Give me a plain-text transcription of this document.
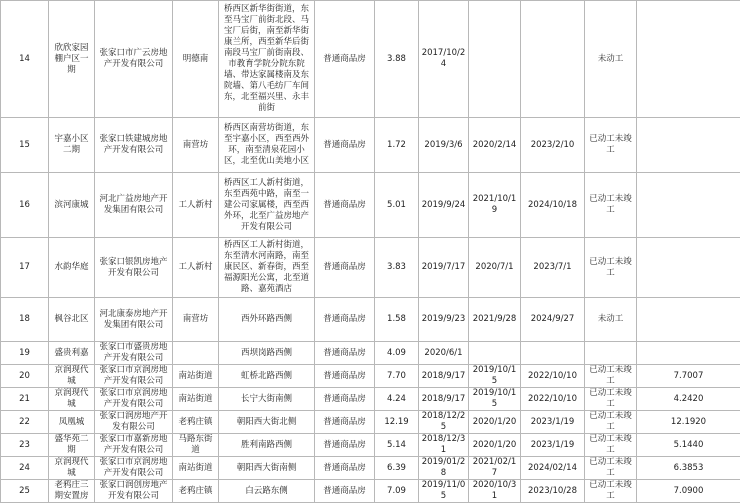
14	欣欣家园棚户区一期	张家口市广云房地产开发有限公司	明德南	桥西区新华街街道，东至马宝厂前街北段、马宝厂后街，南至新华街康兰所，西至新华后街南段马宝厂前街南段、市教育学院分院东院墙、带达家属楼南及东院墙、第八毛纺厂车间东，北至福兴里、永丰前街	普通商品房	3.88	2017/10/24			未动工	
15	宇嘉小区二期	张家口铁建城房地产开发有限公司	南营坊	桥西区南营坊街道，东至宇嘉小区，西至西外环，南至清泉花园小区，北至优山美地小区	普通商品房	1.72	2019/3/6	2020/2/14	2023/2/10	已动工未竣工	
16	滨河康城	河北广益房地产开发集团有限公司	工人新村	桥西区工人新村街道，东至西苑中路，南至一建公司家属楼，西至西外环，北至广益房地产开发有限公司	普通商品房	5.01	2019/9/24	2021/10/19	2024/10/18	已动工未竣工	
17	水韵华庭	张家口银凯房地产开发有限公司	工人新村	桥西区工人新村街道，东至清水河南路，南至康民区、新春街，西至福源阳光公寓，北至道路、嘉苑酒店	普通商品房	3.83	2019/7/17	2020/7/1	2023/7/1	已动工未竣工	
18	枫谷北区	河北康泰房地产开发集团有限公司	南营坊	西外环路西侧	普通商品房	1.58	2019/9/23	2021/9/28	2024/9/27	未动工	
19	盛贵利嘉	张家口市盛贵房地产开发有限公司		西坝岗路西侧	普通商品房	4.09	2020/6/1				
20	京润现代城	张家口市京润房地产开发有限公司	南站街道	虹桥北路西侧	普通商品房	7.70	2018/9/17	2019/10/15	2022/10/10	已动工未竣工	7.7007
21	京润现代城	张家口市京润房地产开发有限公司	南站街道	长宁大街南侧	普通商品房	4.24	2018/9/17	2019/10/15	2022/10/10	已动工未竣工	4.2420
22	凤凰城	张家口润房地产开发有限公司	老鸦庄镇	朝阳西大街北侧	普通商品房	12.19	2018/12/25	2020/1/20	2023/1/19	已动工未竣工	12.1920
23	盛华苑二期	张家口市嘉新房地产开发有限公司	马路东街道	胜利南路西侧	普通商品房	5.14	2018/12/31	2020/1/20	2023/1/19	已动工未竣工	5.1440
24	京润现代城	张家口市京润房地产开发有限公司	南站街道	朝阳西大街南侧	普通商品房	6.39	2019/01/28	2021/02/17	2024/02/14	已动工未竣工	6.3853
25	老鸦庄三期安置房	张家口润创房地产开发有限公司	老鸦庄镇	白云路东侧	普通商品房	7.09	2019/11/05	2020/10/31	2023/10/28	已动工未竣工	7.0900
